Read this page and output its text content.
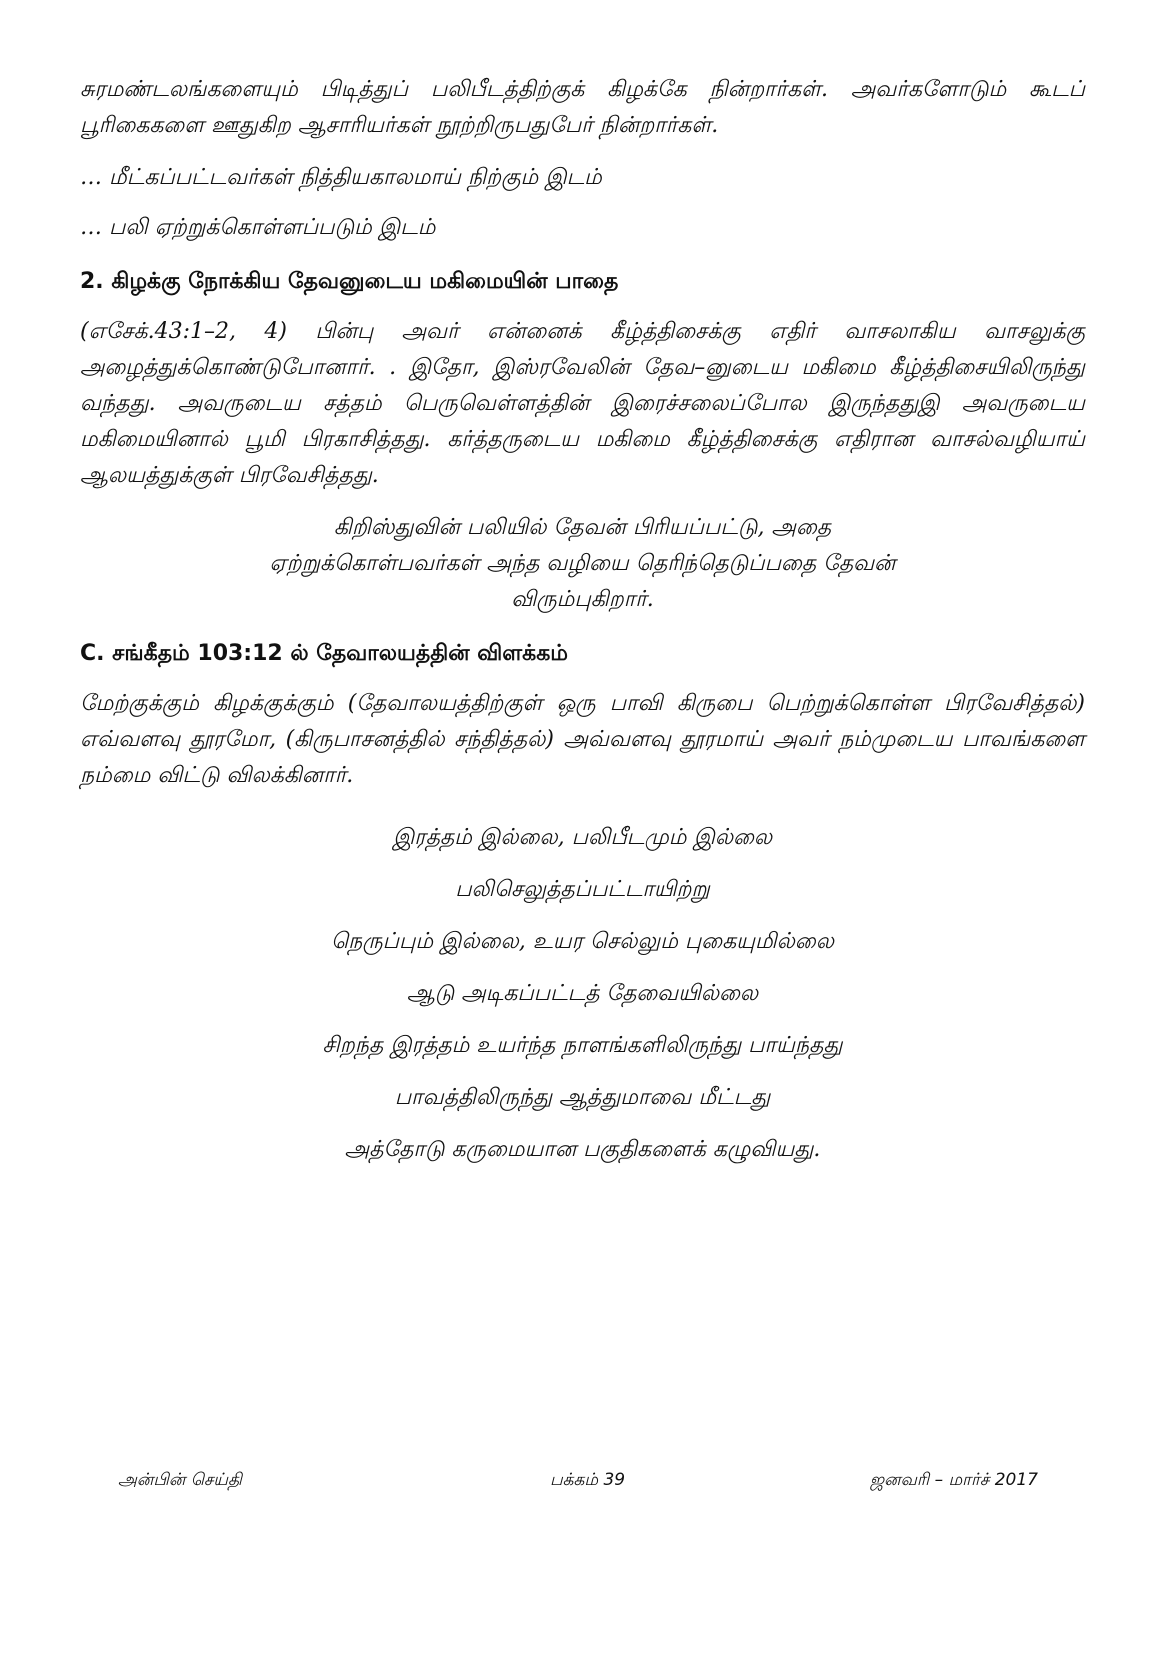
சுரமண்டலங்களையும் பிடித்துப் பலிபீடத்திற்குக் கிழக்கே நின்றார்கள். அவர்களோடும் கூடப் பூரிகைகளை ஊதுகிற ஆசாரியர்கள் நூற்றிருபதுபேர் நின்றார்கள்.

… மீட்கப்பட்டவர்கள் நித்தியகாலமாய் நிற்கும் இடம்
… பலி ஏற்றுக்கொள்ளப்படும் இடம்
2. கிழக்கு நோக்கிய தேவனுடைய மகிமையின் பாதை

(எசேக்.43:1–2, 4) பின்பு அவர் என்னைக் கீழ்த்திசைக்கு எதிர் வாசலாகிய வாசலுக்கு அழைத்துக்கொண்டுபோனார். . இதோ, இஸ்ரவேலின் தேவ–னுடைய மகிமை கீழ்த்திசையிலிருந்து வந்தது. அவருடைய சத்தம் பெருவெள்ளத்தின் இரைச்சலைப்போல இருந்ததுஇ அவருடைய மகிமையினால் பூமி பிரகாசித்தது. கர்த்தருடைய மகிமை கீழ்த்திசைக்கு எதிரான வாசல்வழியாய் ஆலயத்துக்குள் பிரவேசித்தது.

கிறிஸ்துவின் பலியில் தேவன் பிரியப்பட்டு, அதை
ஏற்றுக்கொள்பவர்கள் அந்த வழியை தெரிந்தெடுப்பதை தேவன்
விரும்புகிறார்.
C. சங்கீதம் 103:12 ல் தேவாலயத்தின் விளக்கம்

மேற்குக்கும் கிழக்குக்கும் (தேவாலயத்திற்குள் ஒரு பாவி கிருபை பெற்றுக்கொள்ள பிரவேசித்தல்) எவ்வளவு தூரமோ, (கிருபாசனத்தில் சந்தித்தல்) அவ்வளவு தூரமாய் அவர் நம்முடைய பாவங்களை நம்மை விட்டு விலக்கினார்.

இரத்தம் இல்லை, பலிபீடமும் இல்லை
பலிசெலுத்தப்பட்டாயிற்று
நெருப்பும் இல்லை, உயர செல்லும் புகையுமில்லை
ஆடு அடிகப்பட்டத் தேவையில்லை
சிறந்த இரத்தம் உயர்ந்த நாளங்களிலிருந்து பாய்ந்தது
பாவத்திலிருந்து ஆத்துமாவை மீட்டது
அத்தோடு கருமையான பகுதிகளைக் கழுவியது.
அன்பின் செய்தி	பக்கம் 39	ஜனவரி – மார்ச் 2017
